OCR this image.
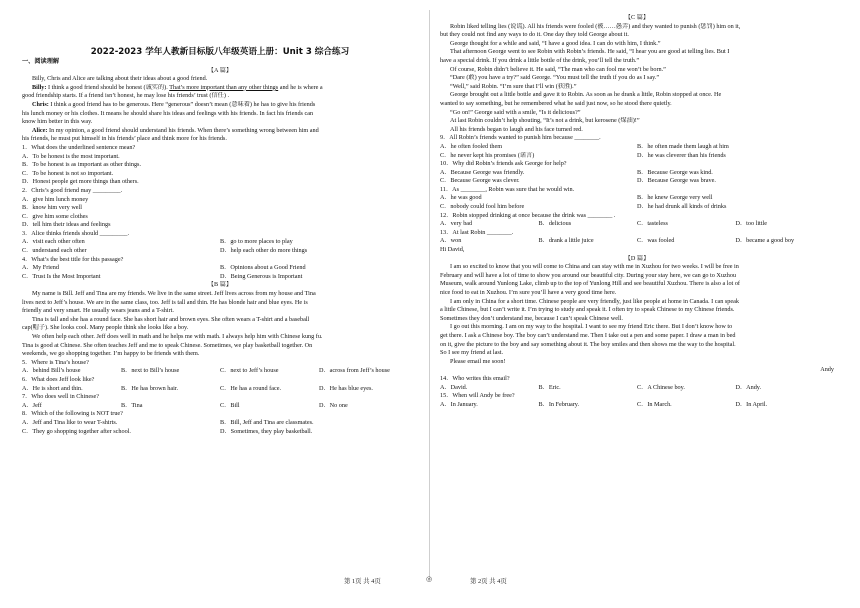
2022-2023 学年人教新目标版八年级英语上册：Unit 3 综合练习
一、阅读理解
【A 篇】
Billy, Chris and Alice are talking about their ideas about a good friend.
Billy: I think a good friend should be honest (诚实的). That’s more important than any other things and he is where a
good friendship starts. If a friend isn’t honest, he may lose his friends’ trust (信任) .
Chris: I think a good friend has to be generous. Here “generous” doesn’t mean (意味着) he has to give his friends
his lunch money or his clothes. It means he should share his ideas and feelings with his friends. In fact his friends can
know him better in this way.
Alice: In my opinion, a good friend should understand his friends. When there’s something wrong between him and
his friends, he must put himself in his friends’ place and think more for his friends.
1．What does the underlined sentence mean?
A．To be honest is the most important.
B．To be honest is as important as other things.
C．To be honest is not so important.
D．Honest people get more things than others.
2．Chris’s good friend may _________.
A．give him lunch money
B．know him very well
C．give him some clothes
D．tell him their ideas and feelings
3．Alice thinks friends should _________.
A．visit each other often	B．go to more places to play
C．understand each other	D．help each other do more things
4．What’s the best title for this passage?
A．My Friend	B．Opinions about a Good Friend
C．Trust Is the Most Important	D．Being Generous is Important
【B 篇】
My name is Bill. Jeff and Tina are my friends. We live in the same street. Jeff lives across from my house and Tina
lives next to Jeff’s house. We are in the same class, too. Jeff is tall and thin. He has blonde hair and blue eyes. He is
friendly and very smart. He usually wears jeans and a T-shirt.
Tina is tall and she has a round face. She has short hair and brown eyes. She often wears a T-shirt and a baseball
cap(帽子). She looks cool. Many people think she looks like a boy.
We often help each other. Jeff does well in math and he helps me with math. I always help him with Chinese kung fu.
Tina is good at Chinese. She often teaches Jeff and me to speak Chinese. Sometimes, we play basketball together. On
weekends, we go shopping together. I’m happy to be friends with them.
5．Where is Tina’s house?
A．behind Bill’s house	B．next to Bill’s house	C．next to Jeff’s house	D．across from Jeff’s house
6．What does Jeff look like?
A．He is short and thin.	B．He has brown hair.	C．He has a round face.	D．He has blue eyes.
7．Who does well in Chinese?
A．Jeff	B．Tina	C．Bill	D．No one
8．Which of the following is NOT true?
A．Jeff and Tina like to wear T-shirts.	B．Bill, Jeff and Tina are classmates.
C．They go shopping together after school.	D．Sometimes, they play basketball.
【C 篇】
Robin liked telling lies (说谎). All his friends were fooled (被……愚弄) and they wanted to punish (惩罚) him on it,
but they could not find any ways to do it. One day they told George about it.
George thought for a while and said, “I have a good idea. I can do with him, I think.”
That afternoon George went to see Robin with Robin’s friends. He said, “I hear you are good at telling lies. But I
have a special drink. If you drink a little bottle of the drink, you’ll tell the truth.”
Of course, Robin didn’t believe it. He said, “The man who can fool me won’t be born.”
“Dare (敢) you have a try?” said George. “You must tell the truth if you do as I say.”
“Well,” said Robin. “I’m sure that I’ll win (获胜).”
George brought out a little bottle and gave it to Robin. As soon as he drank a little, Robin stopped at once. He
wanted to say something, but he remembered what he said just now, so he stood there quietly.
“Go on!” George said with a smile, “Is it delicious?”
At last Robin couldn’t help shouting, “It’s not a drink, but kerosene (煤油)!”
All his friends began to laugh and his face turned red.
9．All Robin’s friends wanted to punish him because ________.
A．he often fooled them	B．he often made them laugh at him
C．he never kept his promises (诺言)	D．he was cleverer than his friends
10．Why did Robin’s friends ask George for help?
A．Because George was friendly.	B．Because George was kind.
C．Because George was clever.	D．Because George was brave.
11．As ________, Robin was sure that he would win.
A．he was good	B．he knew George very well
C．nobody could fool him before	D．he had drunk all kinds of drinks
12．Robin stopped drinking at once because the drink was ________ .
A．very bad	B．delicious	C．tasteless	D．too little
13．At last Robin ________.
A．won	B．drank a little juice	C．was fooled	D．became a good boy
Hi David,
【D 篇】
I am so excited to know that you will come to China and can stay with me in Xuzhou for two weeks. I will be free in
February and will have a lot of time to show you around our beautiful city. During your stay here, we can go to Xuzhou
Museum, walk around Yunlong Lake, climb up to the top of Yunlong Hill and see beautiful Xuzhou. There is also a lot of
nice food to eat in Xuzhou. I’m sure you’ll have a very good time here.
I am only in China for a short time. Chinese people are very friendly, just like people at home in Canada. I can speak
a little Chinese, but I can’t write it. I’m trying to study and speak it. I often try to speak Chinese to my Chinese friends.
Sometimes they don’t understand me, because I can’t speak Chinese well.
I go out this morning. I am on my way to the hospital. I want to see my friend Eric there. But I don’t know how to
get there. I ask a Chinese boy. The boy can’t understand me. Then I take out a pen and some paper. I draw a man in bed
on it, give the picture to the boy and say something about it. The boy smiles and then shows me the way to the hospital.
So I see my friend at last.
Please email me soon!
Andy
14．Who writes this email?
A．David.	B．Eric.	C．A Chinese boy.	D．Andy.
15．When will Andy be free?
A．In January.	B．In February.	C．In March.	D．In April.
第 1页 共 4页	◎	第 2页 共 4页
